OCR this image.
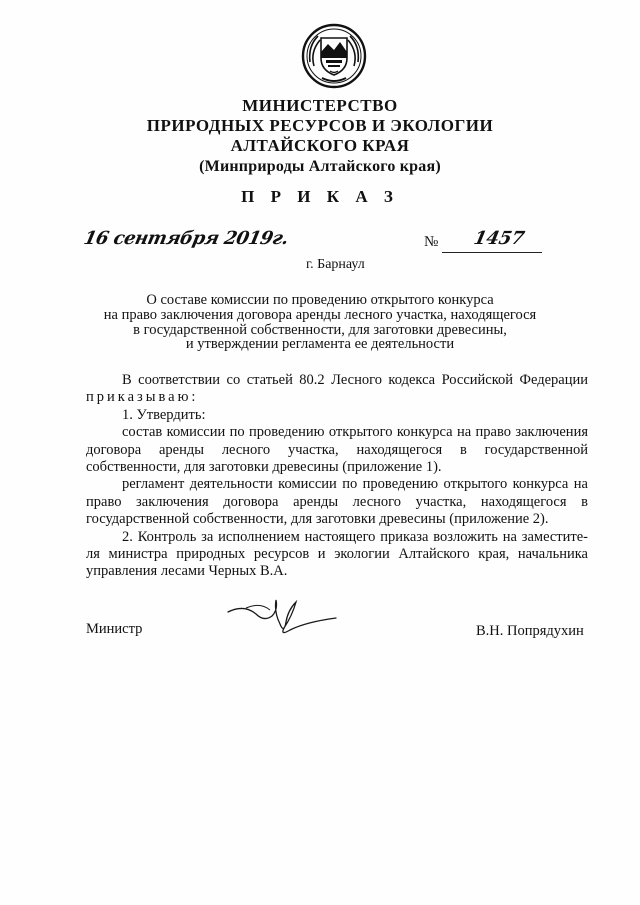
МИНИСТЕРСТВО
ПРИРОДНЫХ РЕСУРСОВ И ЭКОЛОГИИ
АЛТАЙСКОГО КРАЯ
(Минприроды Алтайского края)
П Р И К А З
16 сентября 2019г.	№ 1457
г. Барнаул
О составе комиссии по проведению открытого конкурса
на право заключения договора аренды лесного участка, находящегося
в государственной собственности, для заготовки древесины,
и утверждении регламента ее деятельности
В соответствии со статьей 80.2 Лесного кодекса Российской Федерации
приказываю:
1. Утвердить:
состав комиссии по проведению открытого конкурса на право заключения
договора аренды лесного участка, находящегося в государственной
собственности, для заготовки древесины (приложение 1).
регламент деятельности комиссии по проведению открытого конкурса на
право заключения договора аренды лесного участка, находящегося в
государственной собственности, для заготовки древесины (приложение 2).
2. Контроль за исполнением настоящего приказа возложить на заместите-
ля министра природных ресурсов и экологии Алтайского края, начальника
управления лесами Черных В.А.
Министр	В.Н. Попрядухин
